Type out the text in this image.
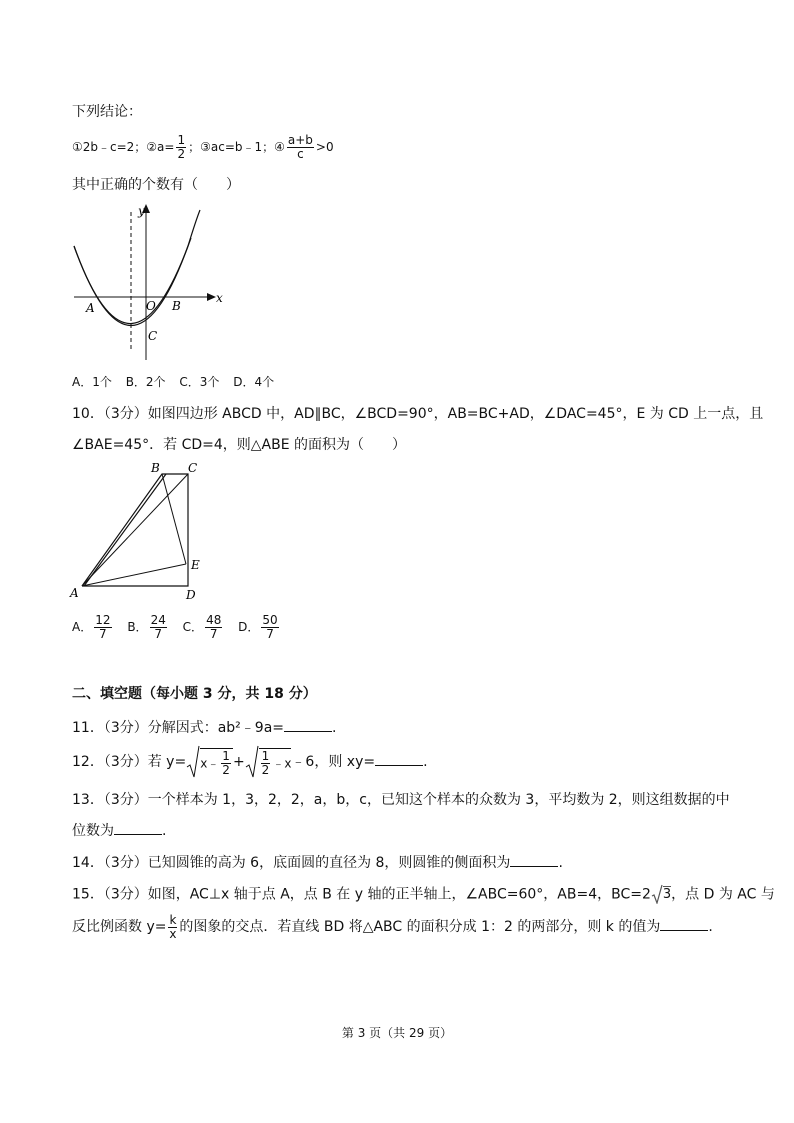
下列结论：
①2b﹣c=2；②a= $\frac{1}{2}$ ；③ac=b﹣1；④ $\frac{a+b}{c} >0$
其中正确的个数有（　　）
y
x
A	O B
C
A．1个 B．2个 C．3个 D．4个
10．（3分）如图四边形 ABCD 中，AD∥BC，∠BCD=90°，AB=BC+AD，∠DAC=45°，E 为 CD 上一点，且
∠BAE=45°．若 CD=4，则△ABE 的面积为（　　）
A
B C
D
E
A． $\frac{12}{7}$ B． $\frac{24}{7}$ C． $\frac{48}{7}$ D． $\frac{50}{7}$
二、填空题（每小题 3 分，共 18 分）
11．（3分）分解因式：ab²﹣9a=	.
12．（3分）若 y= x﹣ $\frac{1}{2} + \frac{1}{2}$ ﹣x﹣6，则 xy=	.
13．（3分）一个样本为 1，3，2，2，a，b，c，已知这个样本的众数为 3，平均数为 2，则这组数据的中
位数为	.
14．（3分）已知圆锥的高为 6，底面圆的直径为 8，则圆锥的侧面积为	.
15．（3分）如图，AC⊥x 轴于点 A，点 B 在 y 轴的正半轴上，∠ABC=60°，AB=4，BC=2 3，点 D 为 AC 与
反比例函数 $y= \frac{k}{x}$ 的图象的交点．若直线 BD 将△ABC 的面积分成 1：2 的两部分，则 k 的值为	.
第 3 页（共 29 页）
